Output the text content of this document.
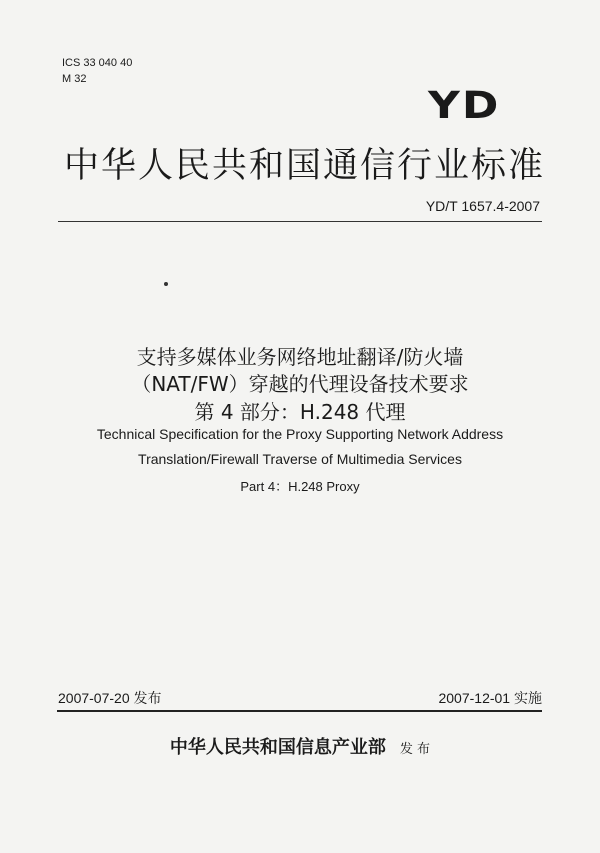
ICS 33 040 40
M 32
YD
中华人民共和国通信行业标准
YD/T 1657.4-2007
支持多媒体业务网络地址翻译/防火墙
（NAT/FW）穿越的代理设备技术要求
第 4 部分：H.248 代理
Technical Specification for the Proxy Supporting Network Address
Translation/Firewall Traverse of Multimedia Services
Part 4：H.248 Proxy
2007-07-20 发布	2007-12-01 实施
中华人民共和国信息产业部 发 布
